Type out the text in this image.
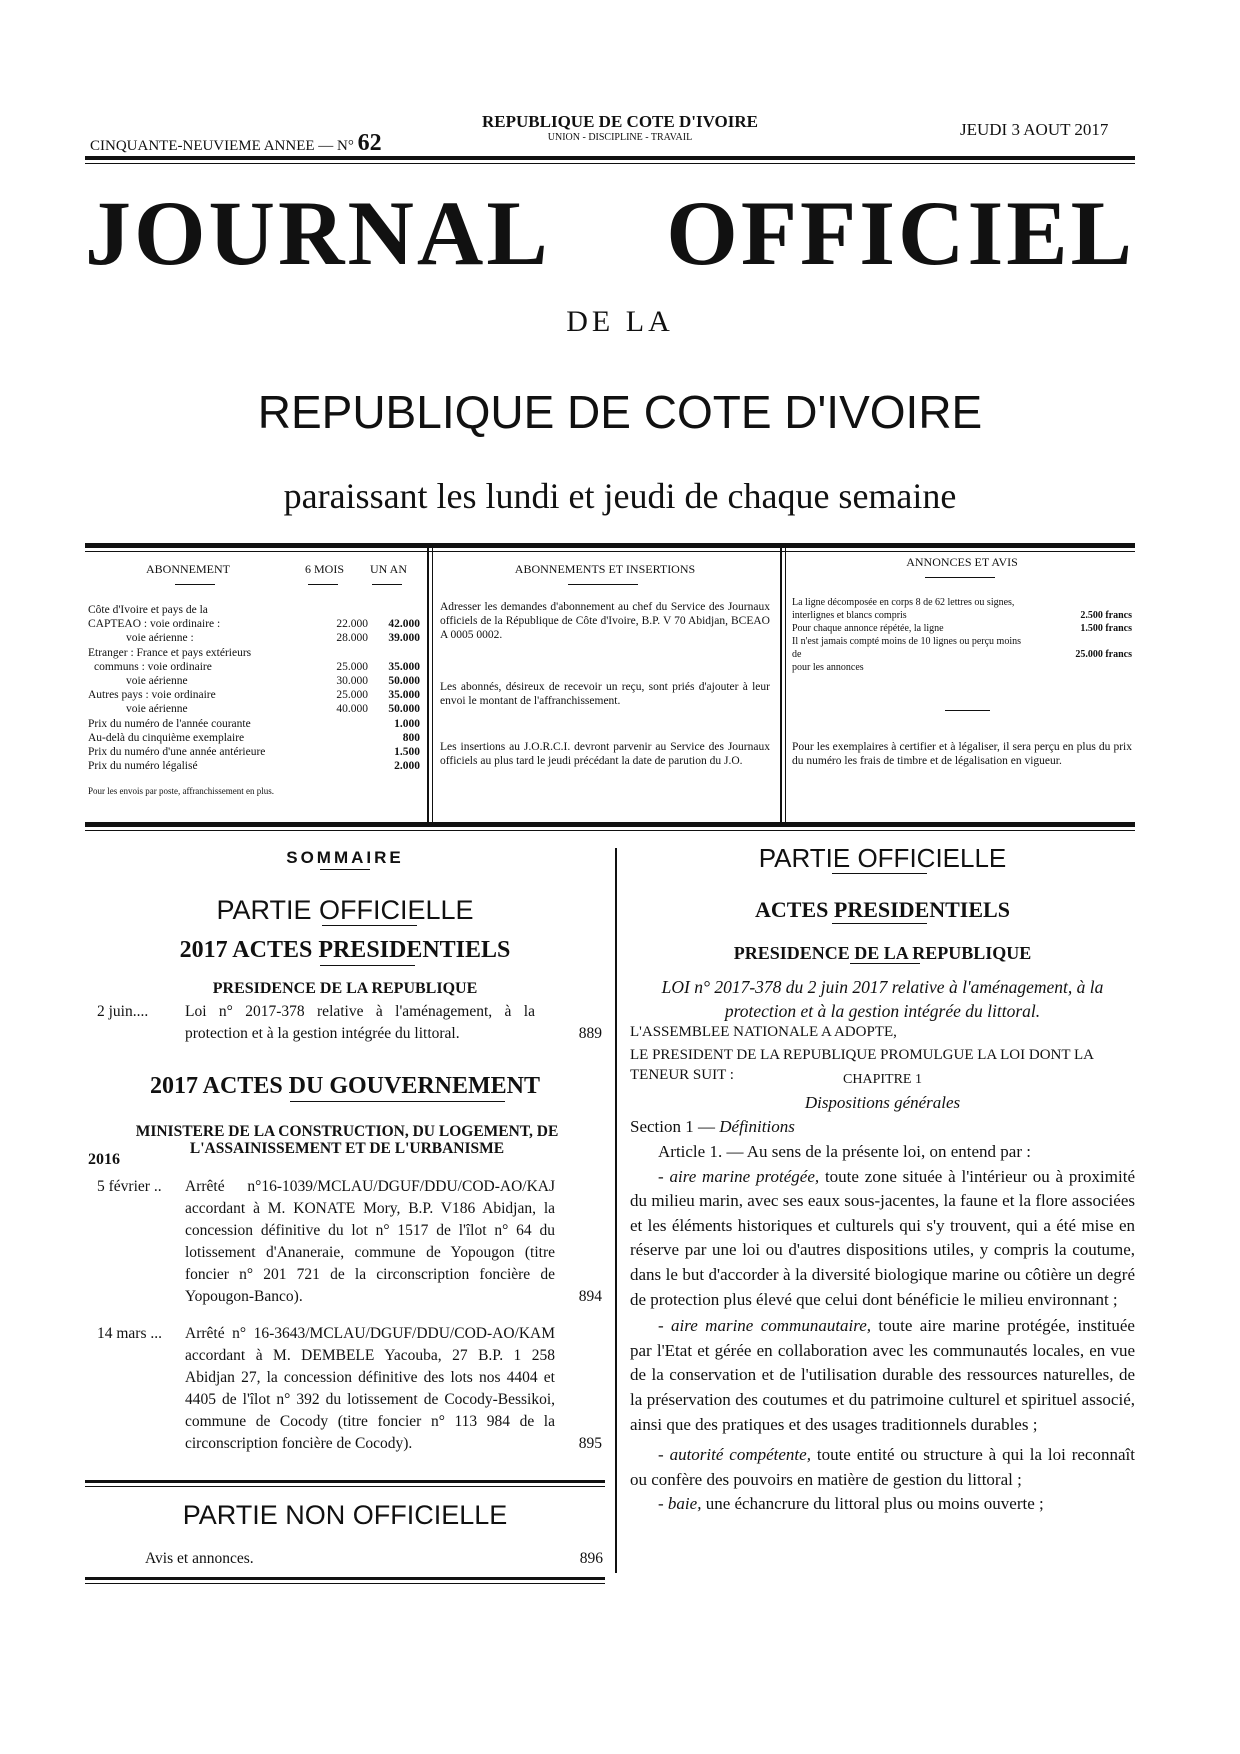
CINQUANTE-NEUVIEME ANNEE — N° 62
REPUBLIQUE DE COTE D'IVOIRE
UNION - DISCIPLINE - TRAVAIL	JEUDI 3 AOUT 2017
JOURNAL OFFICIEL
DE LA
REPUBLIQUE DE COTE D'IVOIRE
paraissant les lundi et jeudi de chaque semaine
ABONNEMENT	6 MOIS UN AN
Côte d'Ivoire et pays de la
CAPTEAO : voie ordinaire :	22.000	42.000
voie aérienne :	28.000	39.000
Etranger : France et pays extérieurs
communs : voie ordinaire	25.000	35.000
voie aérienne	30.000	50.000
Autres pays : voie ordinaire	25.000	35.000
voie aérienne	40.000	50.000
Prix du numéro de l'année courante	1.000
Au-delà du cinquième exemplaire	800
Prix du numéro d'une année antérieure	1.500
Prix du numéro légalisé	2.000
Pour les envois par poste, affranchissement en plus.
ABONNEMENTS ET INSERTIONS
Adresser les demandes d'abonnement au chef du Service des Journaux officiels de la République de Côte d'Ivoire, B.P. V 70 Abidjan, BCEAO A 0005 0002.
Les abonnés, désireux de recevoir un reçu, sont priés d'ajouter à leur envoi le montant de l'affranchissement.
Les insertions au J.O.R.C.I. devront parvenir au Service des Journaux officiels au plus tard le jeudi précédant la date de parution du J.O.
ANNONCES ET AVIS
La ligne décomposée en corps 8 de 62 lettres ou signes, interlignes et blancs compris	2.500 francs
Pour chaque annonce répétée, la ligne	1.500 francs
Il n'est jamais compté moins de 10 lignes ou perçu moins de	25.000 francs
pour les annonces
Pour les exemplaires à certifier et à légaliser, il sera perçu en plus du prix du numéro les frais de timbre et de légalisation en vigueur.
SOMMAIRE
PARTIE OFFICIELLE
2017 ACTES PRESIDENTIELS
PRESIDENCE DE LA REPUBLIQUE
2 juin....	Loi n° 2017-378 relative à l'aménagement, à la protection et à la gestion intégrée du littoral.	889
2017 ACTES DU GOUVERNEMENT
MINISTERE DE LA CONSTRUCTION, DU LOGEMENT, DE L'ASSAINISSEMENT ET DE L'URBANISME
2016
5 février ..	Arrêté n°16-1039/MCLAU/DGUF/DDU/COD-AO/KAJ accordant à M. KONATE Mory, B.P. V186 Abidjan, la concession définitive du lot n° 1517 de l'îlot n° 64 du lotissement d'Ananeraie, commune de Yopougon (titre foncier n° 201 721 de la circonscription foncière de Yopougon-Banco).	894
14 mars ...	Arrêté n° 16-3643/MCLAU/DGUF/DDU/COD-AO/KAM accordant à M. DEMBELE Yacouba, 27 B.P. 1 258 Abidjan 27, la concession définitive des lots nos 4404 et 4405 de l'îlot n° 392 du lotissement de Cocody-Bessikoi, commune de Cocody (titre foncier n° 113 984 de la circonscription foncière de Cocody).	895
PARTIE NON OFFICIELLE
Avis et annonces.	896
PARTIE OFFICIELLE
ACTES PRESIDENTIELS
PRESIDENCE DE LA REPUBLIQUE
LOI n° 2017-378 du 2 juin 2017 relative à l'aménagement, à la protection et à la gestion intégrée du littoral.
L'ASSEMBLEE NATIONALE A ADOPTE,
LE PRESIDENT DE LA REPUBLIQUE PROMULGUE LA LOI DONT LA TENEUR SUIT :	CHAPITRE 1
Dispositions générales
Section 1 — Définitions
Article 1. — Au sens de la présente loi, on entend par :

- aire marine protégée, toute zone située à l'intérieur ou à proximité du milieu marin, avec ses eaux sous-jacentes, la faune et la flore associées et les éléments historiques et culturels qui s'y trouvent, qui a été mise en réserve par une loi ou d'autres dispositions utiles, y compris la coutume, dans le but d'accorder à la diversité biologique marine ou côtière un degré de protection plus élevé que celui dont bénéficie le milieu environnant ;

- aire marine communautaire, toute aire marine protégée, instituée par l'Etat et gérée en collaboration avec les communautés locales, en vue de la conservation et de l'utilisation durable des ressources naturelles, de la préservation des coutumes et du patrimoine culturel et spirituel associé, ainsi que des pratiques et des usages traditionnels durables ;

- autorité compétente, toute entité ou structure à qui la loi reconnaît ou confère des pouvoirs en matière de gestion du littoral ;

- baie, une échancrure du littoral plus ou moins ouverte ;
